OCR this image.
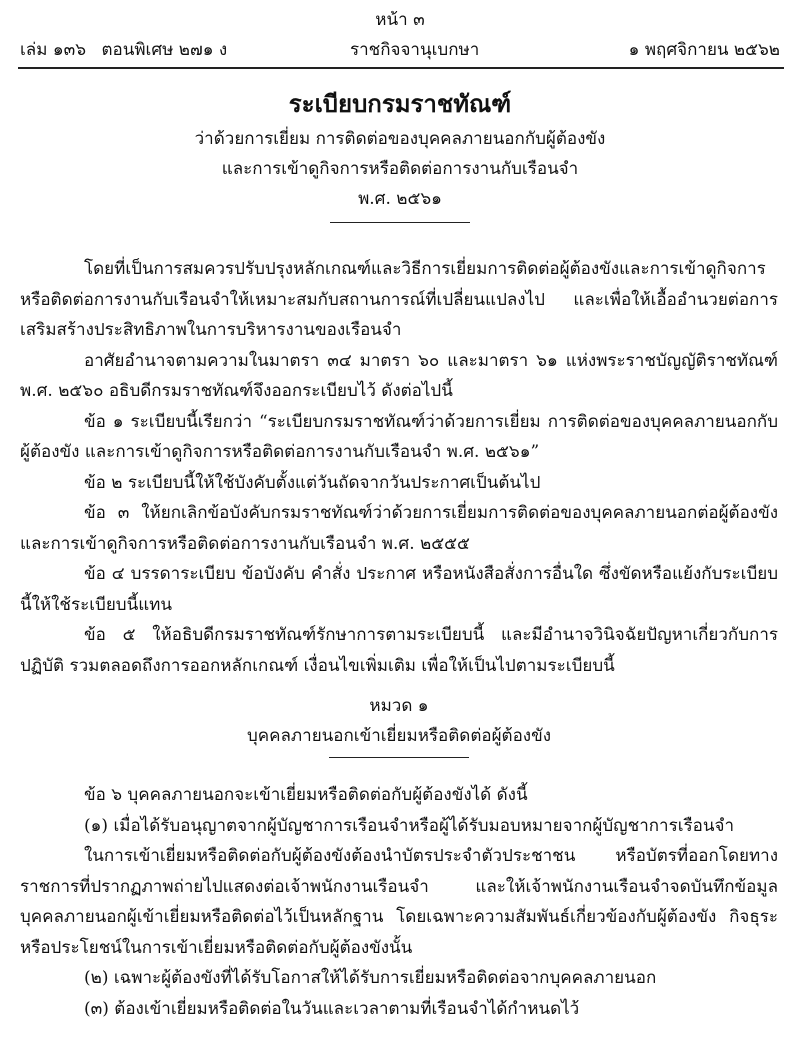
หน้า ๓
เล่ม ๑๓๖ ตอนพิเศษ ๒๗๑ ง	ราชกิจจานุเบกษา	๑ พฤศจิกายน ๒๕๖๒
ระเบียบกรมราชทัณฑ์
ว่าด้วยการเยี่ยม การติดต่อของบุคคลภายนอกกับผู้ต้องขัง
และการเข้าดูกิจการหรือติดต่อการงานกับเรือนจำ
พ.ศ. ๒๕๖๑

โดยที่เป็นการสมควรปรับปรุงหลักเกณฑ์และวิธีการเยี่ยมการติดต่อผู้ต้องขังและการเข้าดูกิจการหรือติดต่อการงานกับเรือนจำให้เหมาะสมกับสถานการณ์ที่เปลี่ยนแปลงไป และเพื่อให้เอื้ออำนวยต่อการเสริมสร้างประสิทธิภาพในการบริหารงานของเรือนจำ

อาศัยอำนาจตามความในมาตรา ๓๔ มาตรา ๖๐ และมาตรา ๖๑ แห่งพระราชบัญญัติราชทัณฑ์ พ.ศ. ๒๕๖๐ อธิบดีกรมราชทัณฑ์จึงออกระเบียบไว้ ดังต่อไปนี้

ข้อ ๑ ระเบียบนี้เรียกว่า “ระเบียบกรมราชทัณฑ์ว่าด้วยการเยี่ยม การติดต่อของบุคคลภายนอกกับผู้ต้องขัง และการเข้าดูกิจการหรือติดต่อการงานกับเรือนจำ พ.ศ. ๒๕๖๑”

ข้อ ๒ ระเบียบนี้ให้ใช้บังคับตั้งแต่วันถัดจากวันประกาศเป็นต้นไป

ข้อ ๓ ให้ยกเลิกข้อบังคับกรมราชทัณฑ์ว่าด้วยการเยี่ยมการติดต่อของบุคคลภายนอกต่อผู้ต้องขังและการเข้าดูกิจการหรือติดต่อการงานกับเรือนจำ พ.ศ. ๒๕๕๕

ข้อ ๔ บรรดาระเบียบ ข้อบังคับ คำสั่ง ประกาศ หรือหนังสือสั่งการอื่นใด ซึ่งขัดหรือแย้งกับระเบียบนี้ให้ใช้ระเบียบนี้แทน

ข้อ ๕ ให้อธิบดีกรมราชทัณฑ์รักษาการตามระเบียบนี้ และมีอำนาจวินิจฉัยปัญหาเกี่ยวกับการปฏิบัติ รวมตลอดถึงการออกหลักเกณฑ์ เงื่อนไขเพิ่มเติม เพื่อให้เป็นไปตามระเบียบนี้

หมวด ๑
บุคคลภายนอกเข้าเยี่ยมหรือติดต่อผู้ต้องขัง

ข้อ ๖ บุคคลภายนอกจะเข้าเยี่ยมหรือติดต่อกับผู้ต้องขังได้ ดังนี้

(๑) เมื่อได้รับอนุญาตจากผู้บัญชาการเรือนจำหรือผู้ได้รับมอบหมายจากผู้บัญชาการเรือนจำ

ในการเข้าเยี่ยมหรือติดต่อกับผู้ต้องขังต้องนำบัตรประจำตัวประชาชน หรือบัตรที่ออกโดยทางราชการที่ปรากฏภาพถ่ายไปแสดงต่อเจ้าพนักงานเรือนจำ และให้เจ้าพนักงานเรือนจำจดบันทึกข้อมูลบุคคลภายนอกผู้เข้าเยี่ยมหรือติดต่อไว้เป็นหลักฐาน โดยเฉพาะความสัมพันธ์เกี่ยวข้องกับผู้ต้องขัง กิจธุระ หรือประโยชน์ในการเข้าเยี่ยมหรือติดต่อกับผู้ต้องขังนั้น

(๒) เฉพาะผู้ต้องขังที่ได้รับโอกาสให้ได้รับการเยี่ยมหรือติดต่อจากบุคคลภายนอก

(๓) ต้องเข้าเยี่ยมหรือติดต่อในวันและเวลาตามที่เรือนจำได้กำหนดไว้
